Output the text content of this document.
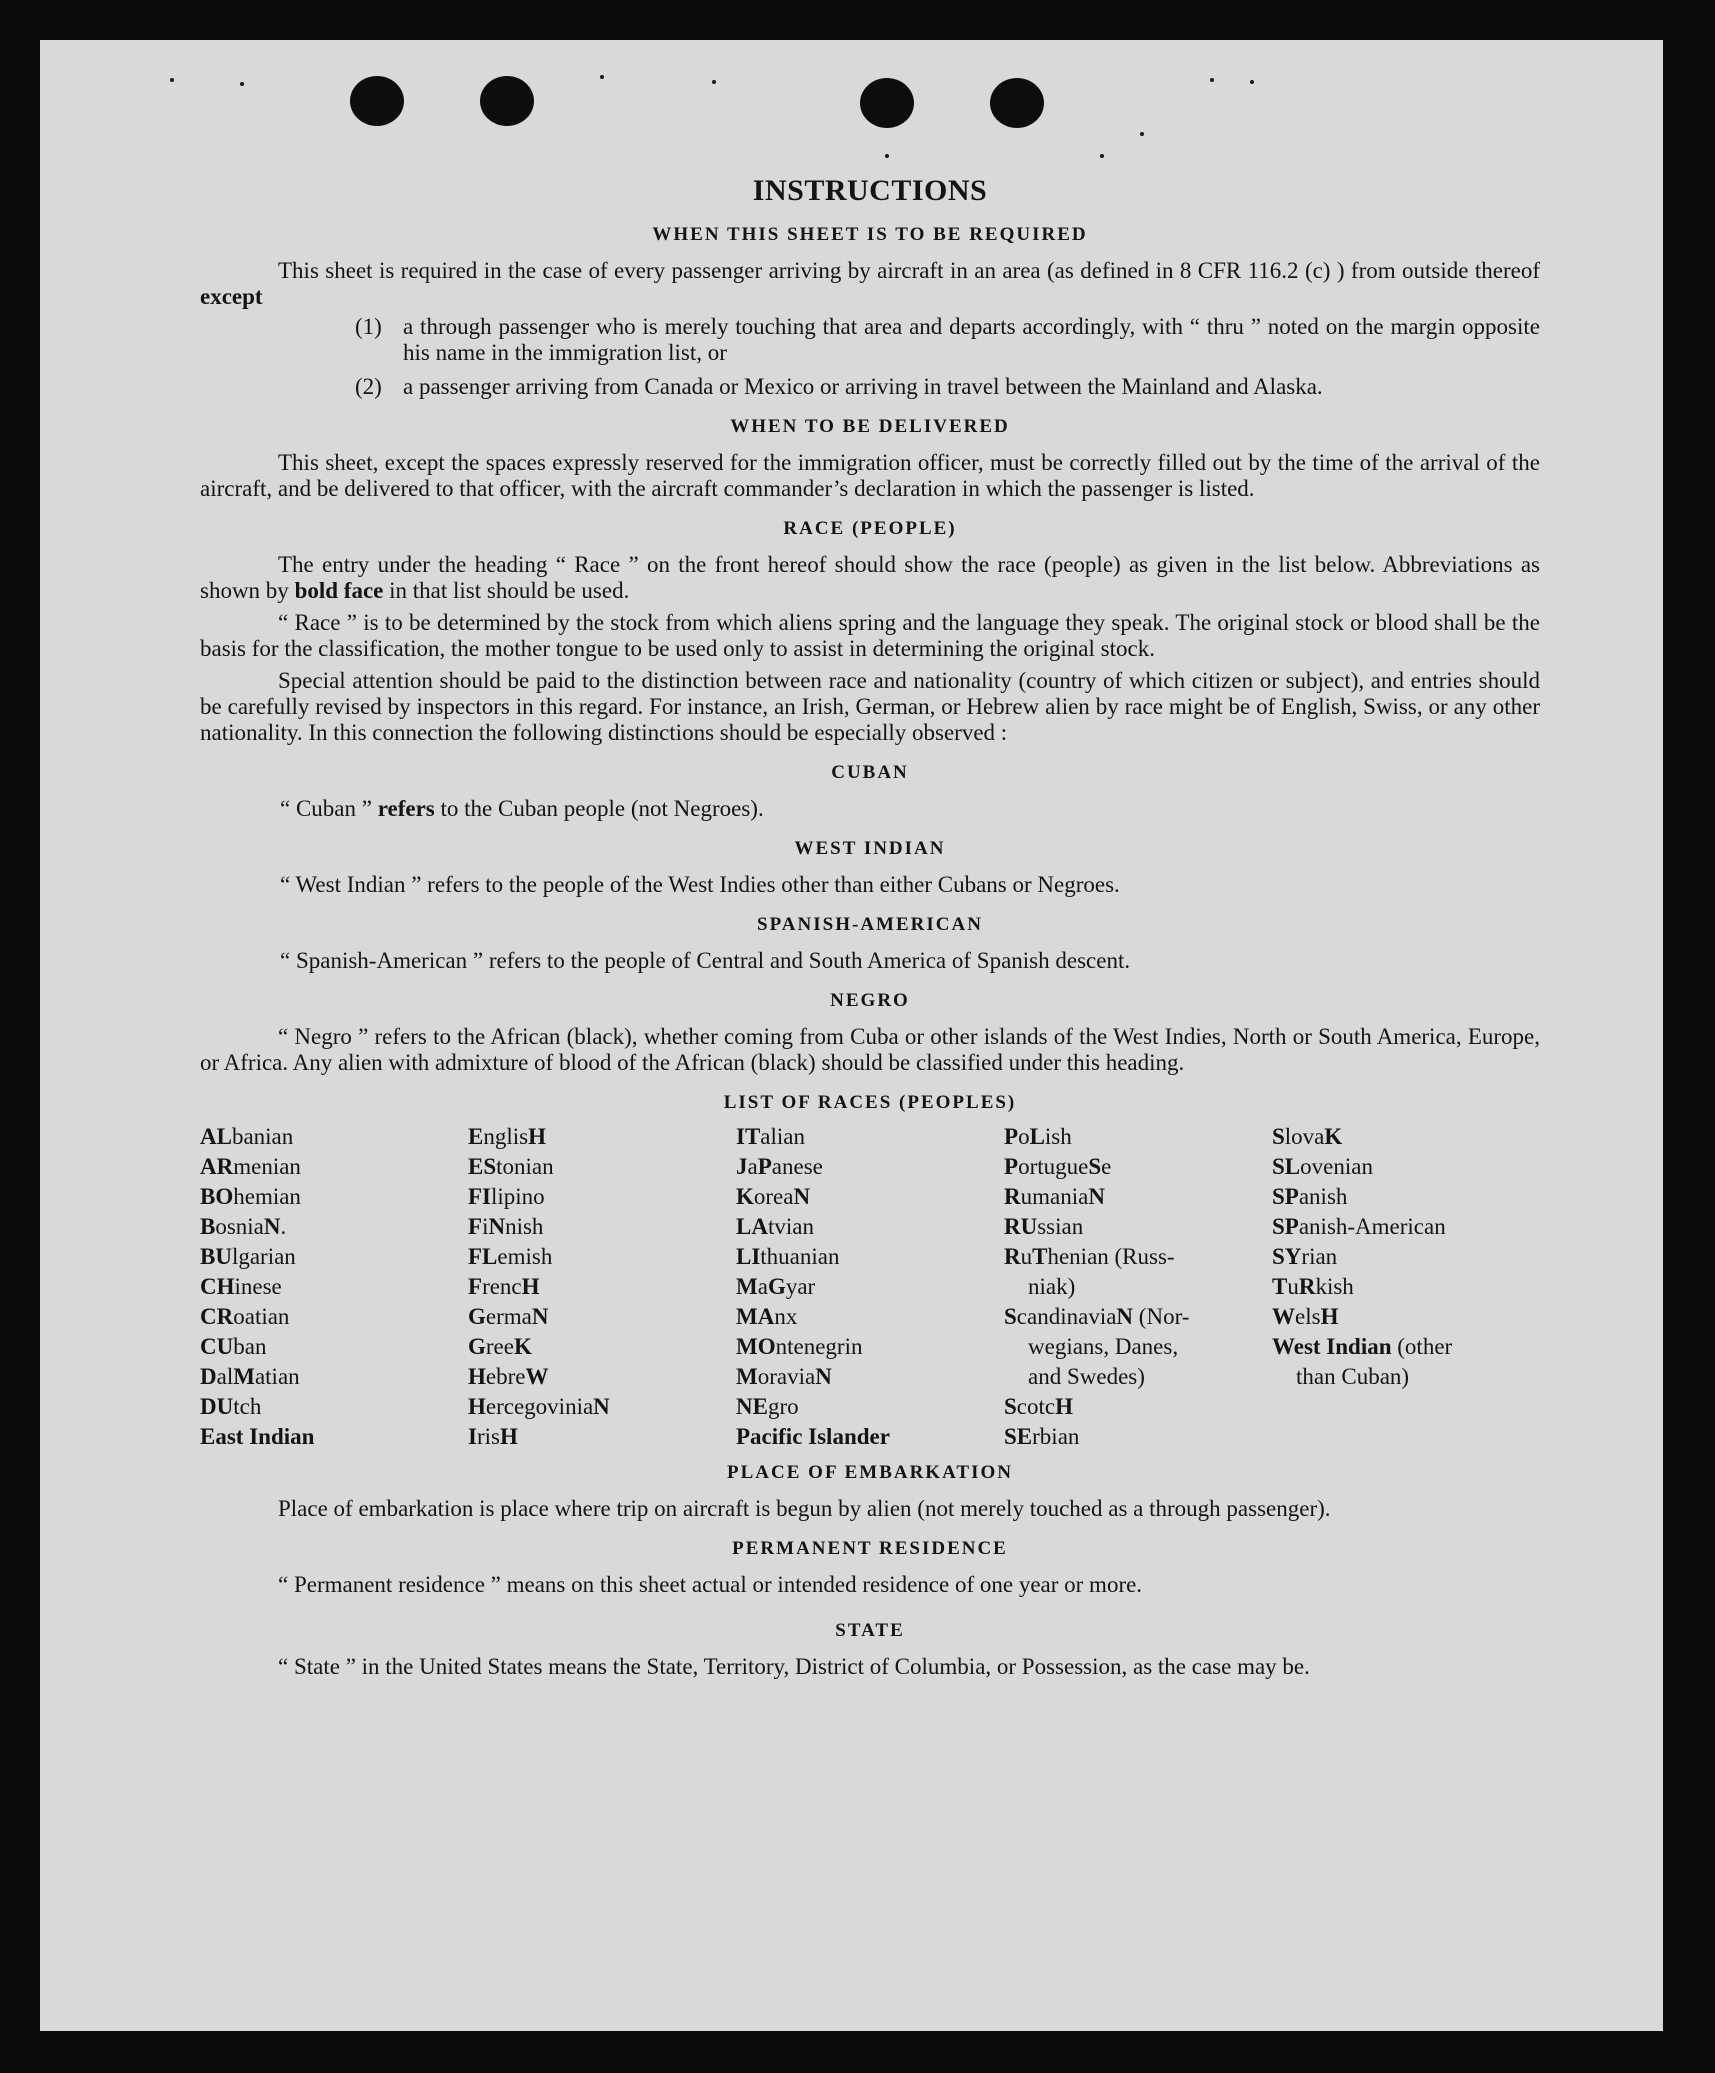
INSTRUCTIONS
WHEN THIS SHEET IS TO BE REQUIRED

This sheet is required in the case of every passenger arriving by aircraft in an area (as defined in 8 CFR 116.2 (c) ) from outside thereof except

(1) a through passenger who is merely touching that area and departs accordingly, with “ thru ” noted on the margin opposite his name in the immigration list, or
(2) a passenger arriving from Canada or Mexico or arriving in travel between the Mainland and Alaska.
WHEN TO BE DELIVERED

This sheet, except the spaces expressly reserved for the immigration officer, must be correctly filled out by the time of the arrival of the aircraft, and be delivered to that officer, with the aircraft commander’s declaration in which the passenger is listed.

RACE (PEOPLE)

The entry under the heading “ Race ” on the front hereof should show the race (people) as given in the list below. Abbreviations as shown by bold face in that list should be used.

“ Race ” is to be determined by the stock from which aliens spring and the language they speak. The original stock or blood shall be the basis for the classification, the mother tongue to be used only to assist in determining the original stock.

Special attention should be paid to the distinction between race and nationality (country of which citizen or subject), and entries should be carefully revised by inspectors in this regard. For instance, an Irish, German, or Hebrew alien by race might be of English, Swiss, or any other nationality. In this connection the following distinctions should be especially observed :

CUBAN

“ Cuban ” refers to the Cuban people (not Negroes).

WEST INDIAN

“ West Indian ” refers to the people of the West Indies other than either Cubans or Negroes.

SPANISH-AMERICAN

“ Spanish-American ” refers to the people of Central and South America of Spanish descent.

NEGRO

“ Negro ” refers to the African (black), whether coming from Cuba or other islands of the West Indies, North or South America, Europe, or Africa. Any alien with admixture of blood of the African (black) should be classified under this heading.

LIST OF RACES (PEOPLES)
ALbanian
ARmenian
BOhemian
BosniaN.
BUlgarian
CHinese
CRoatian
CUban
DalMatian
DUtch
East Indian
EnglisH
EStonian
FIlipino
FiNnish
FLemish
FrencH
GermaN
GreeK
HebreW
HercegoviniaN
IrisH
ITalian
JaPanese
KoreaN
LAtvian
LIthuanian
MaGyar
MAnx
MOntenegrin
MoraviaN
NEgro
Pacific Islander
PoLish
PortugueSe
RumaniaN
RUssian
RuThenian (Russ-
niak)
ScandinaviaN (Nor-
wegians, Danes,
and Swedes)
ScotcH
SErbian
SlovaK
SLovenian
SPanish
SPanish-American
SYrian
TuRkish
WelsH
West Indian (other
than Cuban)
PLACE OF EMBARKATION

Place of embarkation is place where trip on aircraft is begun by alien (not merely touched as a through passenger).

PERMANENT RESIDENCE

“ Permanent residence ” means on this sheet actual or intended residence of one year or more.

STATE

“ State ” in the United States means the State, Territory, District of Columbia, or Possession, as the case may be.
